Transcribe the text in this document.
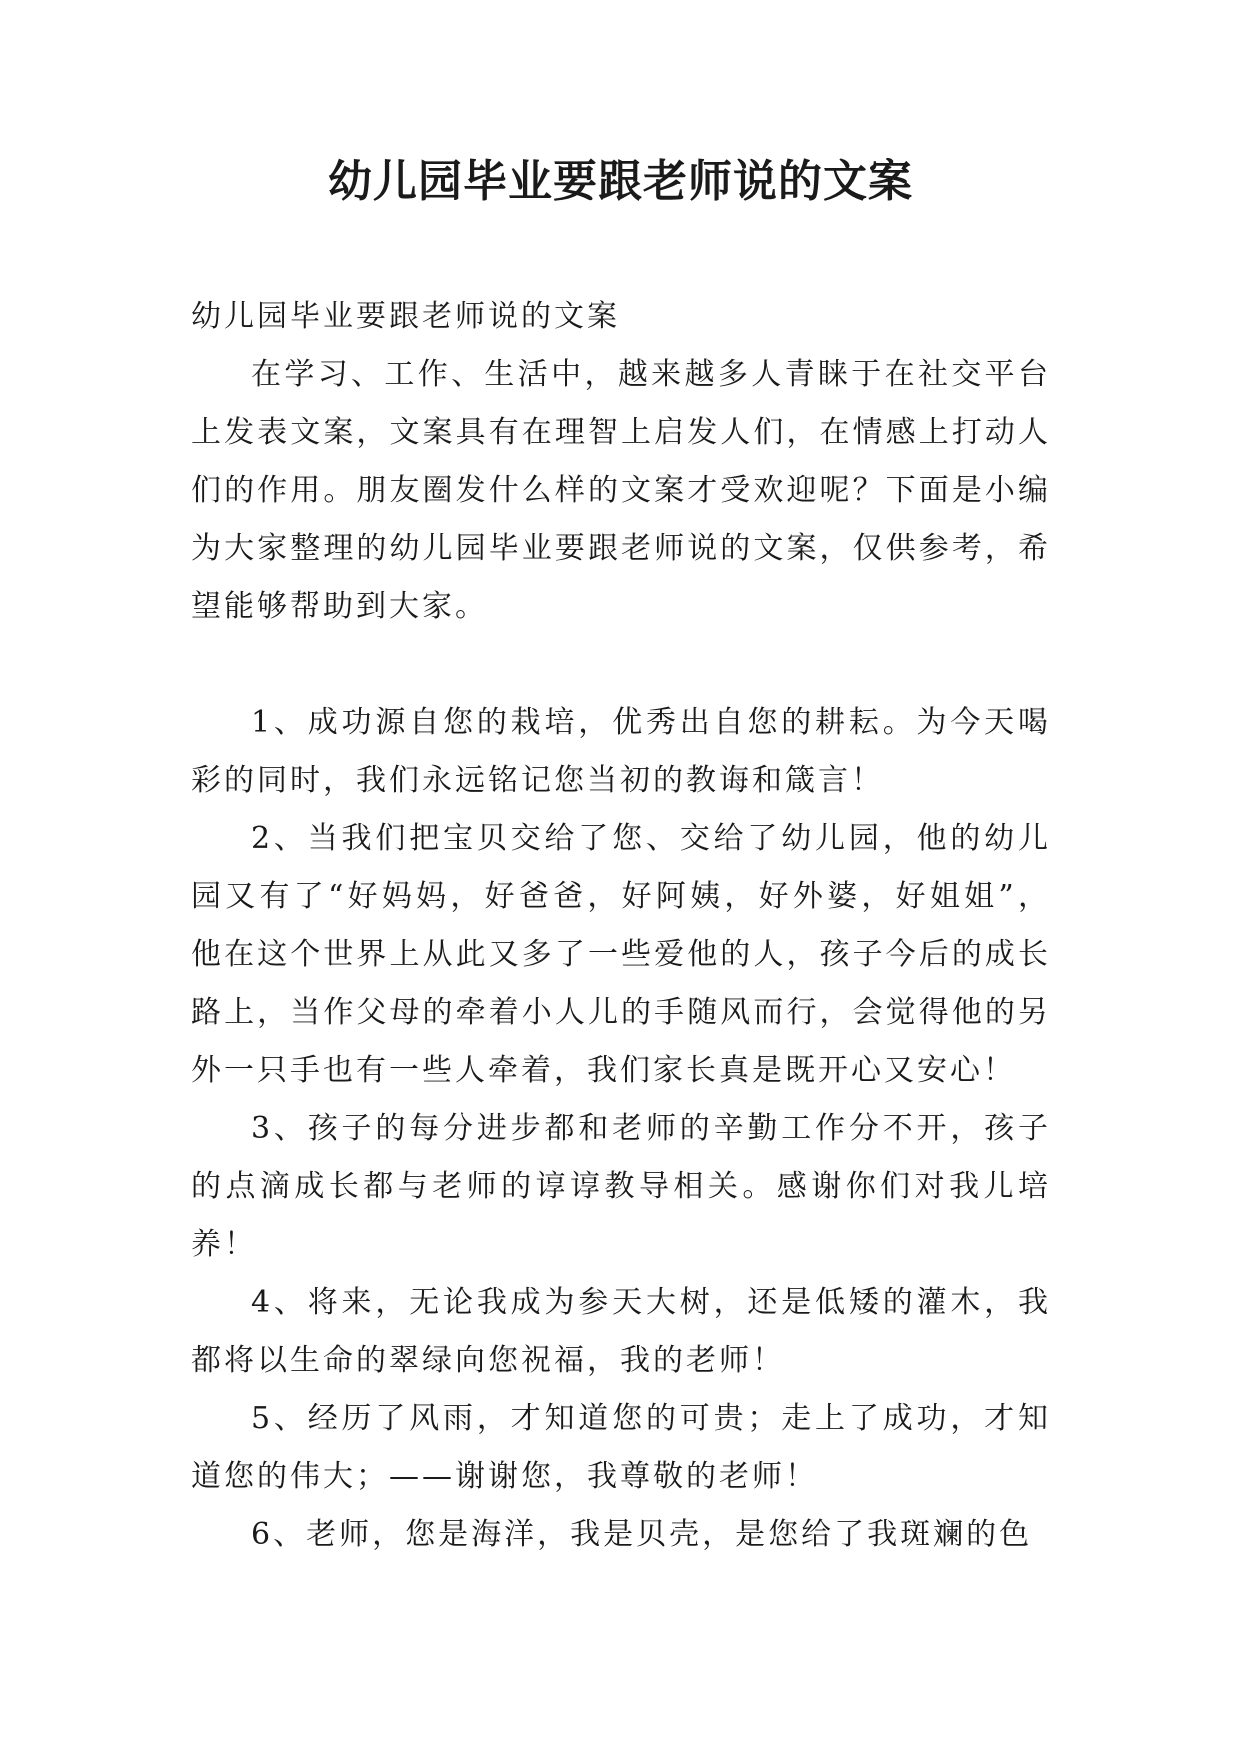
幼儿园毕业要跟老师说的文案

幼儿园毕业要跟老师说的文案

在学习、工作、生活中，越来越多人青睐于在社交平台上发表文案，文案具有在理智上启发人们，在情感上打动人们的作用。朋友圈发什么样的文案才受欢迎呢？下面是小编为大家整理的幼儿园毕业要跟老师说的文案，仅供参考，希望能够帮助到大家。

1、成功源自您的栽培，优秀出自您的耕耘。为今天喝彩的同时，我们永远铭记您当初的教诲和箴言！

2、当我们把宝贝交给了您、交给了幼儿园，他的幼儿园又有了“好妈妈，好爸爸，好阿姨，好外婆，好姐姐”，他在这个世界上从此又多了一些爱他的人，孩子今后的成长路上，当作父母的牵着小人儿的手随风而行，会觉得他的另外一只手也有一些人牵着，我们家长真是既开心又安心！

3、孩子的每分进步都和老师的辛勤工作分不开，孩子的点滴成长都与老师的谆谆教导相关。感谢你们对我儿培养！

4、将来，无论我成为参天大树，还是低矮的灌木，我都将以生命的翠绿向您祝福，我的老师！

5、经历了风雨，才知道您的可贵；走上了成功，才知道您的伟大；——谢谢您，我尊敬的老师！

6、老师，您是海洋，我是贝壳，是您给了我斑斓的色
